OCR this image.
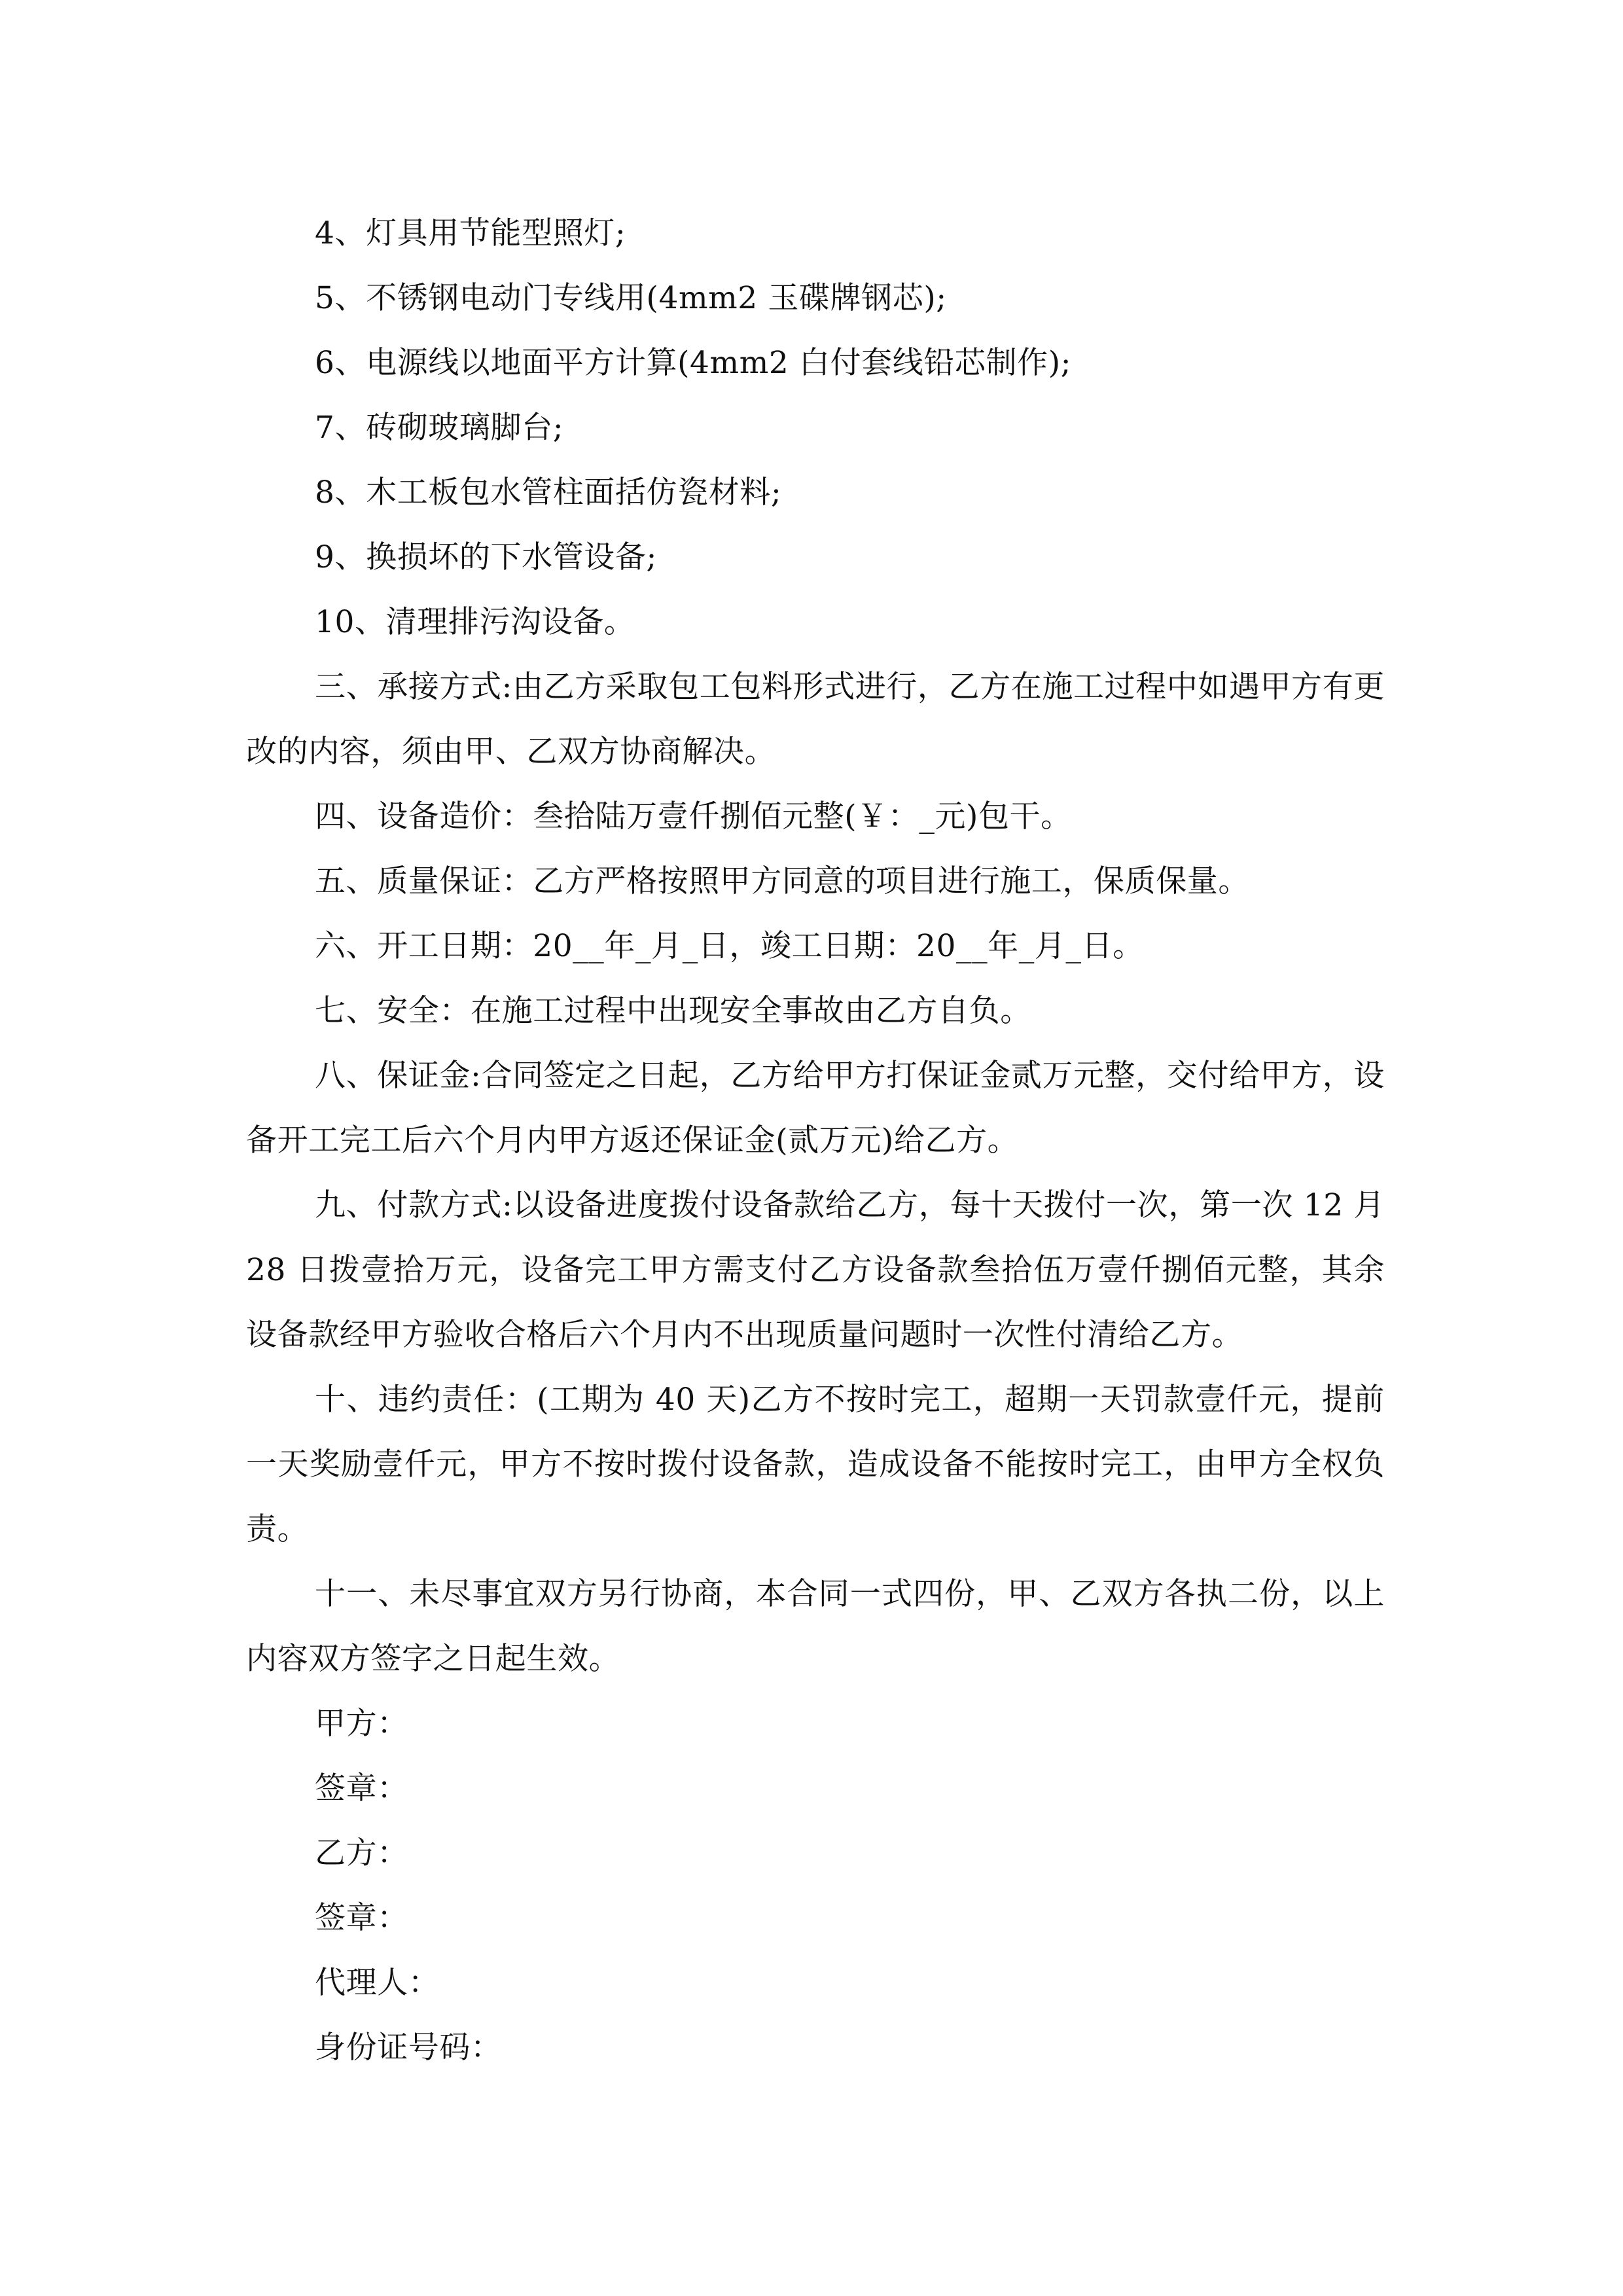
4、灯具用节能型照灯;

5、不锈钢电动门专线用(4mm2 玉碟牌钢芯);

6、电源线以地面平方计算(4mm2 白付套线铅芯制作);

7、砖砌玻璃脚台;

8、木工板包水管柱面括仿瓷材料;

9、换损坏的下水管设备;

10、清理排污沟设备。

三、承接方式:由乙方采取包工包料形式进行，乙方在施工过程中如遇甲方有更改的内容，须由甲、乙双方协商解决。

四、设备造价：叁拾陆万壹仟捌佰元整(￥：_元)包干。

五、质量保证：乙方严格按照甲方同意的项目进行施工，保质保量。

六、开工日期：20__年_月_日，竣工日期：20__年_月_日。

七、安全：在施工过程中出现安全事故由乙方自负。

八、保证金:合同签定之日起，乙方给甲方打保证金贰万元整，交付给甲方，设备开工完工后六个月内甲方返还保证金(贰万元)给乙方。

九、付款方式:以设备进度拨付设备款给乙方，每十天拨付一次，第一次 12 月 28 日拨壹拾万元，设备完工甲方需支付乙方设备款叁拾伍万壹仟捌佰元整，其余设备款经甲方验收合格后六个月内不出现质量问题时一次性付清给乙方。

十、违约责任：(工期为 40 天)乙方不按时完工，超期一天罚款壹仟元，提前一天奖励壹仟元，甲方不按时拨付设备款，造成设备不能按时完工，由甲方全权负责。

十一、未尽事宜双方另行协商，本合同一式四份，甲、乙双方各执二份，以上内容双方签字之日起生效。

甲方：

签章：

乙方：

签章：

代理人：

身份证号码：
